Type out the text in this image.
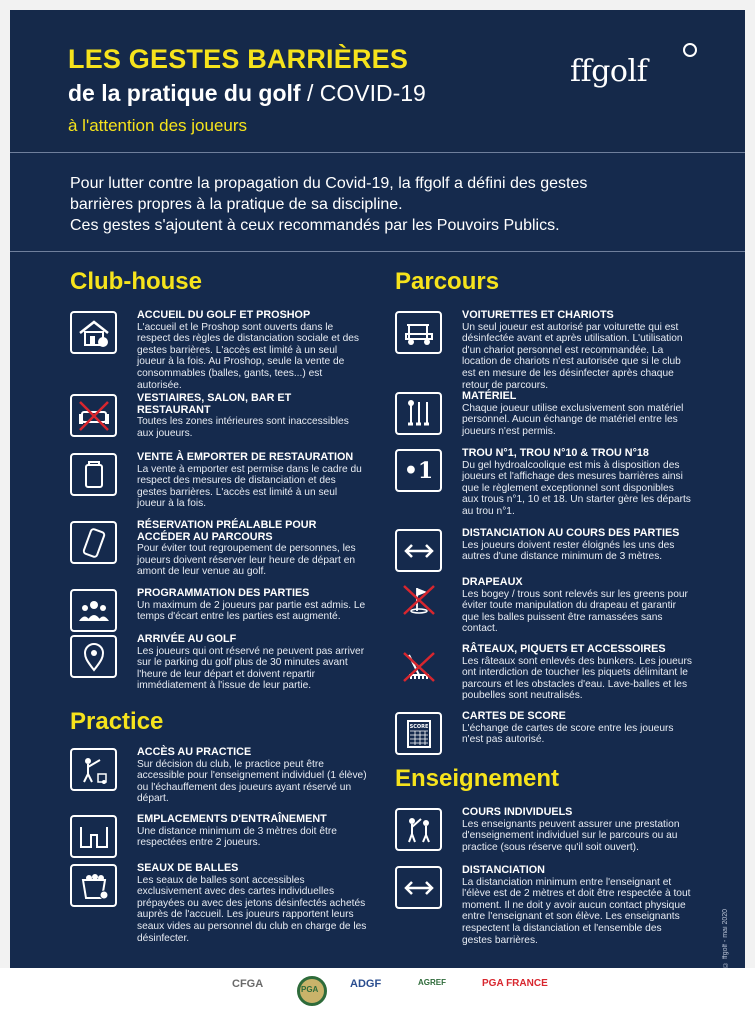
LES GESTES BARRIÈRES
de la pratique du golf / COVID-19
à l'attention des joueurs
ffgolf
Pour lutter contre la propagation du Covid-19, la ffgolf a défini des gestes
barrières propres à la pratique de sa discipline.
Ces gestes s'ajoutent à ceux recommandés par les Pouvoirs Publics.
Club-house
ACCUEIL DU GOLF ET PROSHOP

L'accueil et le Proshop sont ouverts dans le respect des règles de distanciation sociale et des gestes barrières. L'accès est limité à un seul joueur à la fois. Au Proshop, seule la vente de consommables (balles, gants, tees...) est autorisée.

VESTIAIRES, SALON, BAR ET RESTAURANT

Toutes les zones intérieures sont inaccessibles aux joueurs.

VENTE À EMPORTER DE RESTAURATION

La vente à emporter est permise dans le cadre du respect des mesures de distanciation et des gestes barrières. L'accès est limité à un seul joueur à la fois.

RÉSERVATION PRÉALABLE POUR ACCÉDER AU PARCOURS

Pour éviter tout regroupement de personnes, les joueurs doivent réserver leur heure de départ en amont de leur venue au golf.

PROGRAMMATION DES PARTIES

Un maximum de 2 joueurs par partie est admis. Le temps d'écart entre les parties est augmenté.

ARRIVÉE AU GOLF

Les joueurs qui ont réservé ne peuvent pas arriver sur le parking du golf plus de 30 minutes avant l'heure de leur départ et doivent repartir immédiatement à l'issue de leur partie.

Practice
ACCÈS AU PRACTICE

Sur décision du club, le practice peut être accessible pour l'enseignement individuel (1 élève) ou l'échauffement des joueurs ayant réservé un départ.

EMPLACEMENTS D'ENTRAÎNEMENT

Une distance minimum de 3 mètres doit être respectées entre 2 joueurs.

SEAUX DE BALLES

Les seaux de balles sont accessibles exclusivement avec des cartes individuelles prépayées ou avec des jetons désinfectés achetés auprès de l'accueil. Les joueurs rapportent leurs seaux vides au personnel du club en charge de les désinfecter.

Parcours
VOITURETTES ET CHARIOTS

Un seul joueur est autorisé par voiturette qui est désinfectée avant et après utilisation. L'utilisation d'un chariot personnel est recommandée. La location de chariots n'est autorisée que si le club est en mesure de les désinfecter après chaque retour de parcours.

MATÉRIEL

Chaque joueur utilise exclusivement son matériel personnel. Aucun échange de matériel entre les joueurs n'est permis.

•1
TROU N°1, TROU N°10 & TROU N°18

Du gel hydroalcoolique est mis à disposition des joueurs et l'affichage des mesures barrières ainsi que le règlement exceptionnel sont disponibles aux trous n°1, 10 et 18. Un starter gère les départs au trou n°1.

DISTANCIATION AU COURS DES PARTIES

Les joueurs doivent rester éloignés les uns des autres d'une distance minimum de 3 mètres.

DRAPEAUX

Les bogey / trous sont relevés sur les greens pour éviter toute manipulation du drapeau et garantir que les balles puissent être ramassées sans contact.

RÂTEAUX, PIQUETS ET ACCESSOIRES

Les râteaux sont enlevés des bunkers. Les joueurs ont interdiction de toucher les piquets délimitant le parcours et les obstacles d'eau. Lave-balles et les poubelles sont neutralisés.

SCORE
CARTES DE SCORE

L'échange de cartes de score entre les joueurs n'est pas autorisé.

Enseignement
COURS INDIVIDUELS

Les enseignants peuvent assurer une prestation d'enseignement individuel sur le parcours ou au practice (sous réserve qu'il soit ouvert).

DISTANCIATION

La distanciation minimum entre l'enseignant et l'élève est de 2 mètres et doit être respectée à tout moment. Il ne doit y avoir aucun contact physique entre l'enseignant et son élève. Les enseignants respectent la distanciation et l'ensemble des gestes barrières.	© ffgolf - mai 2020
CFGA	PGA	ADGF	AGREF	PGA FRANCE
